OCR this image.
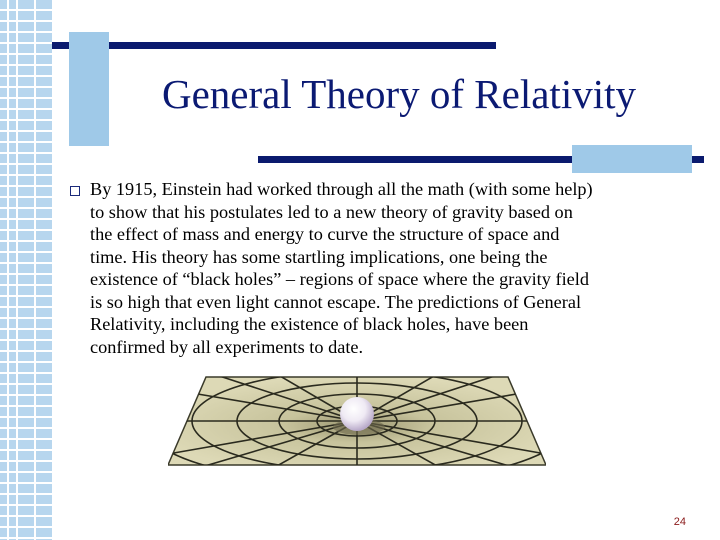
General Theory of Relativity
By 1915, Einstein had worked through all the math (with some help)
to show that his postulates led to a new theory of gravity based on
the effect of mass and energy to curve the structure of space and
time. His theory has some startling implications, one being the
existence of “black holes” – regions of space where the gravity field
is so high that even light cannot escape. The predictions of General
Relativity, including the existence of black holes, have been
confirmed by all experiments to date.
24
